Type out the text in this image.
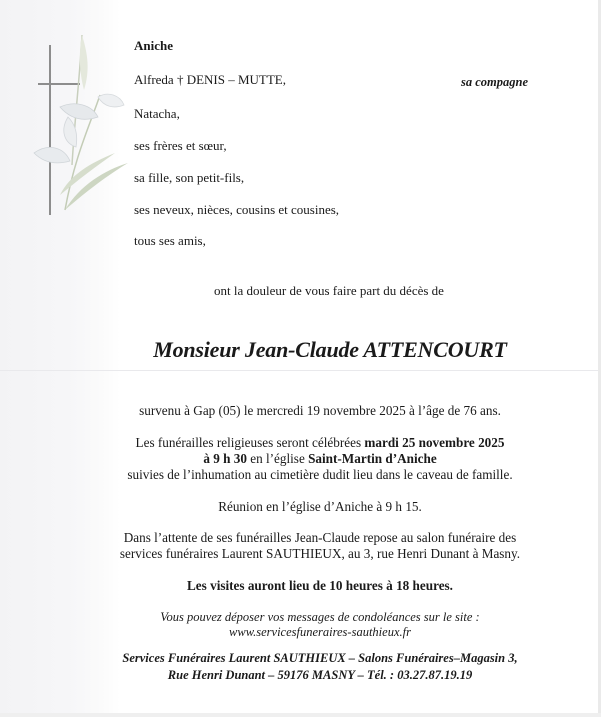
Aniche
Alfreda † DENIS – MUTTE,	sa compagne
Natacha,
ses frères et sœur,
sa fille, son petit-fils,
ses neveux, nièces, cousins et cousines,
tous ses amis,
ont la douleur de vous faire part du décès de
Monsieur Jean-Claude ATTENCOURT
survenu à Gap (05) le mercredi 19 novembre 2025 à l’âge de 76 ans.
Les funérailles religieuses seront célébrées mardi 25 novembre 2025
à 9 h 30 en l’église Saint-Martin d’Aniche
suivies de l’inhumation au cimetière dudit lieu dans le caveau de famille.
Réunion en l’église d’Aniche à 9 h 15.
Dans l’attente de ses funérailles Jean-Claude repose au salon funéraire des
services funéraires Laurent SAUTHIEUX, au 3, rue Henri Dunant à Masny.
Les visites auront lieu de 10 heures à 18 heures.
Vous pouvez déposer vos messages de condoléances sur le site :
www.servicesfuneraires-sauthieux.fr
Services Funéraires Laurent SAUTHIEUX – Salons Funéraires–Magasin 3,
Rue Henri Dunant – 59176 MASNY – Tél. : 03.27.87.19.19
